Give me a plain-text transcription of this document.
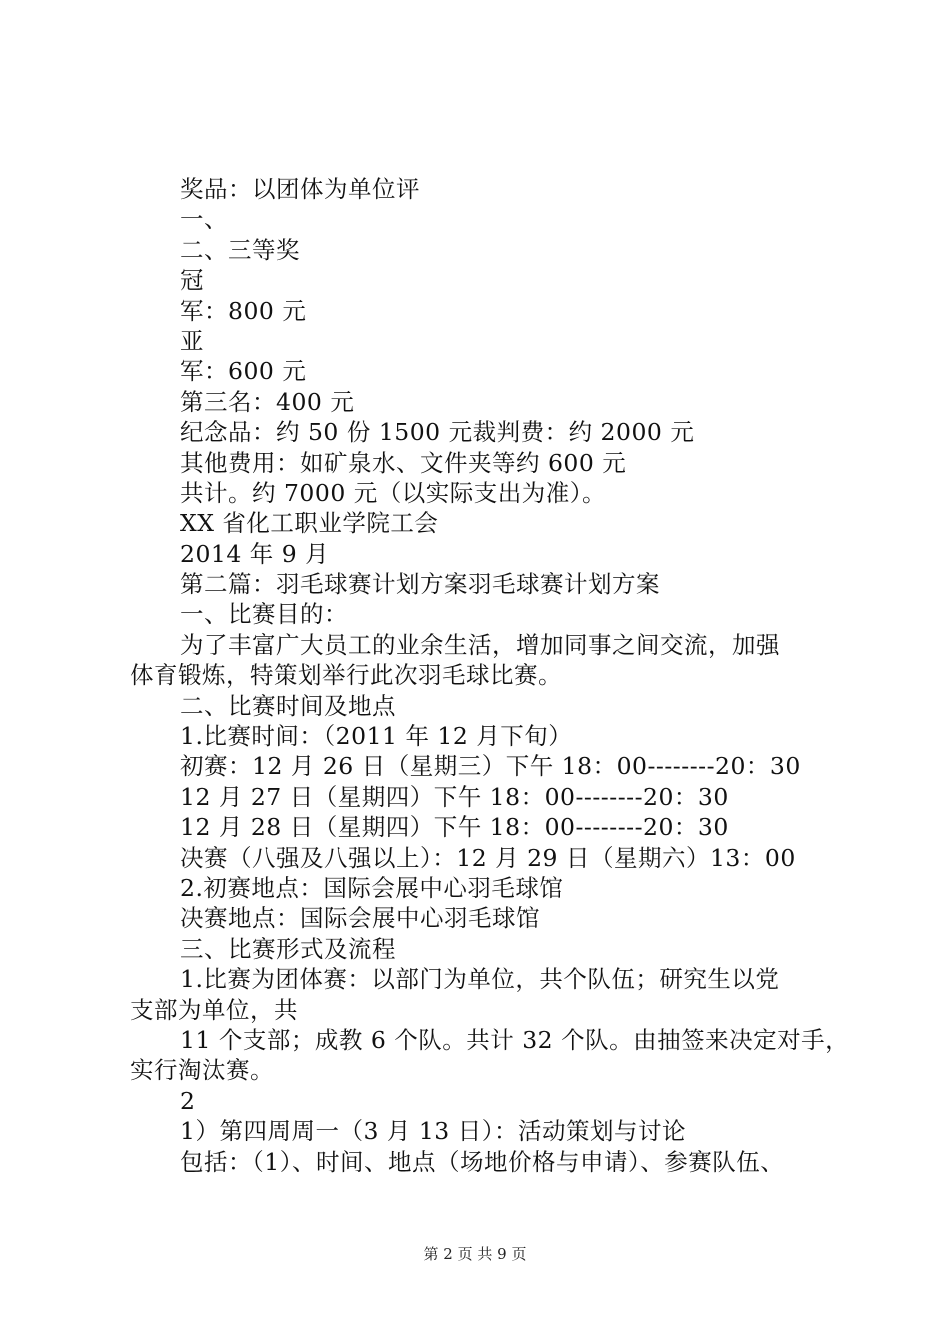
奖品：以团体为单位评
一、
二、三等奖
冠
军：800 元
亚
军：600 元
第三名：400 元
纪念品：约 50 份 1500 元裁判费：约 2000 元
其他费用：如矿泉水、文件夹等约 600 元
共计。约 7000 元（以实际支出为准）。
XX 省化工职业学院工会
2014 年 9 月
第二篇：羽毛球赛计划方案羽毛球赛计划方案
一、比赛目的：
为了丰富广大员工的业余生活，增加同事之间交流，加强
体育锻炼，特策划举行此次羽毛球比赛。
二、比赛时间及地点
1.比赛时间：（2011 年 12 月下旬）
初赛：12 月 26 日（星期三）下午 18：00--------20：30
12 月 27 日（星期四）下午 18：00--------20：30
12 月 28 日（星期四）下午 18：00--------20：30
决赛（八强及八强以上）：12 月 29 日（星期六）13：00
2.初赛地点：国际会展中心羽毛球馆
决赛地点：国际会展中心羽毛球馆
三、比赛形式及流程
1.比赛为团体赛：以部门为单位，共个队伍；研究生以党
支部为单位，共
11 个支部；成教 6 个队。共计 32 个队。由抽签来决定对手，
实行淘汰赛。
2
1）第四周周一（3 月 13 日）：活动策划与讨论
包括：（1）、时间、地点（场地价格与申请）、参赛队伍、
第 2 页 共 9 页
